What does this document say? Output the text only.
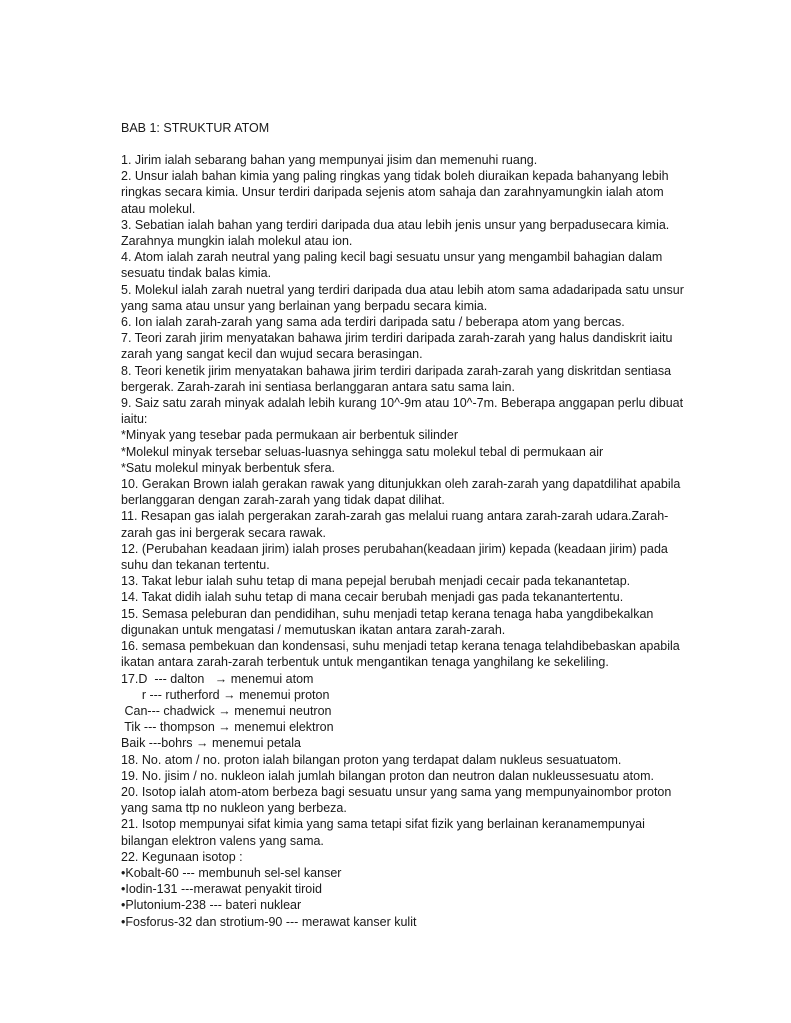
BAB 1: STRUKTUR ATOM
1. Jirim ialah sebarang bahan yang mempunyai jisim dan memenuhi ruang.
2. Unsur ialah bahan kimia yang paling ringkas yang tidak boleh diuraikan kepada bahanyang lebih
ringkas secara kimia. Unsur terdiri daripada sejenis atom sahaja dan zarahnyamungkin ialah atom
atau molekul.
3. Sebatian ialah bahan yang terdiri daripada dua atau lebih jenis unsur yang berpadusecara kimia.
Zarahnya mungkin ialah molekul atau ion.
4. Atom ialah zarah neutral yang paling kecil bagi sesuatu unsur yang mengambil bahagian dalam
sesuatu tindak balas kimia.
5. Molekul ialah zarah nuetral yang terdiri daripada dua atau lebih atom sama adadaripada satu unsur
yang sama atau unsur yang berlainan yang berpadu secara kimia.
6. Ion ialah zarah-zarah yang sama ada terdiri daripada satu / beberapa atom yang bercas.
7. Teori zarah jirim menyatakan bahawa jirim terdiri daripada zarah-zarah yang halus dandiskrit iaitu
zarah yang sangat kecil dan wujud secara berasingan.
8. Teori kenetik jirim menyatakan bahawa jirim terdiri daripada zarah-zarah yang diskritdan sentiasa
bergerak. Zarah-zarah ini sentiasa berlanggaran antara satu sama lain.
9. Saiz satu zarah minyak adalah lebih kurang 10^-9m atau 10^-7m. Beberapa anggapan perlu dibuat
iaitu:
*Minyak yang tesebar pada permukaan air berbentuk silinder
*Molekul minyak tersebar seluas-luasnya sehingga satu molekul tebal di permukaan air
*Satu molekul minyak berbentuk sfera.
10. Gerakan Brown ialah gerakan rawak yang ditunjukkan oleh zarah-zarah yang dapatdilihat apabila
berlanggaran dengan zarah-zarah yang tidak dapat dilihat.
11. Resapan gas ialah pergerakan zarah-zarah gas melalui ruang antara zarah-zarah udara.Zarah-
zarah gas ini bergerak secara rawak.
12. (Perubahan keadaan jirim) ialah proses perubahan(keadaan jirim) kepada (keadaan jirim) pada
suhu dan tekanan tertentu.
13. Takat lebur ialah suhu tetap di mana pepejal berubah menjadi cecair pada tekanantetap.
14. Takat didih ialah suhu tetap di mana cecair berubah menjadi gas pada tekanantertentu.
15. Semasa peleburan dan pendidihan, suhu menjadi tetap kerana tenaga haba yangdibekalkan
digunakan untuk mengatasi / memutuskan ikatan antara zarah-zarah.
16. semasa pembekuan dan kondensasi, suhu menjadi tetap kerana tenaga telahdibebaskan apabila
ikatan antara zarah-zarah terbentuk untuk mengantikan tenaga yanghilang ke sekeliling.
17.D  --- dalton   → menemui atom
r --- rutherford → menemui proton
Can--- chadwick → menemui neutron
Tik --- thompson → menemui elektron
Baik ---bohrs → menemui petala
18. No. atom / no. proton ialah bilangan proton yang terdapat dalam nukleus sesuatuatom.
19. No. jisim / no. nukleon ialah jumlah bilangan proton dan neutron dalan nukleussesuatu atom.
20. Isotop ialah atom-atom berbeza bagi sesuatu unsur yang sama yang mempunyainombor proton
yang sama ttp no nukleon yang berbeza.
21. Isotop mempunyai sifat kimia yang sama tetapi sifat fizik yang berlainan keranamempunyai
bilangan elektron valens yang sama.
22. Kegunaan isotop :
•Kobalt-60 --- membunuh sel-sel kanser
•Iodin-131 ---merawat penyakit tiroid
•Plutonium-238 --- bateri nuklear
•Fosforus-32 dan strotium-90 --- merawat kanser kulit
